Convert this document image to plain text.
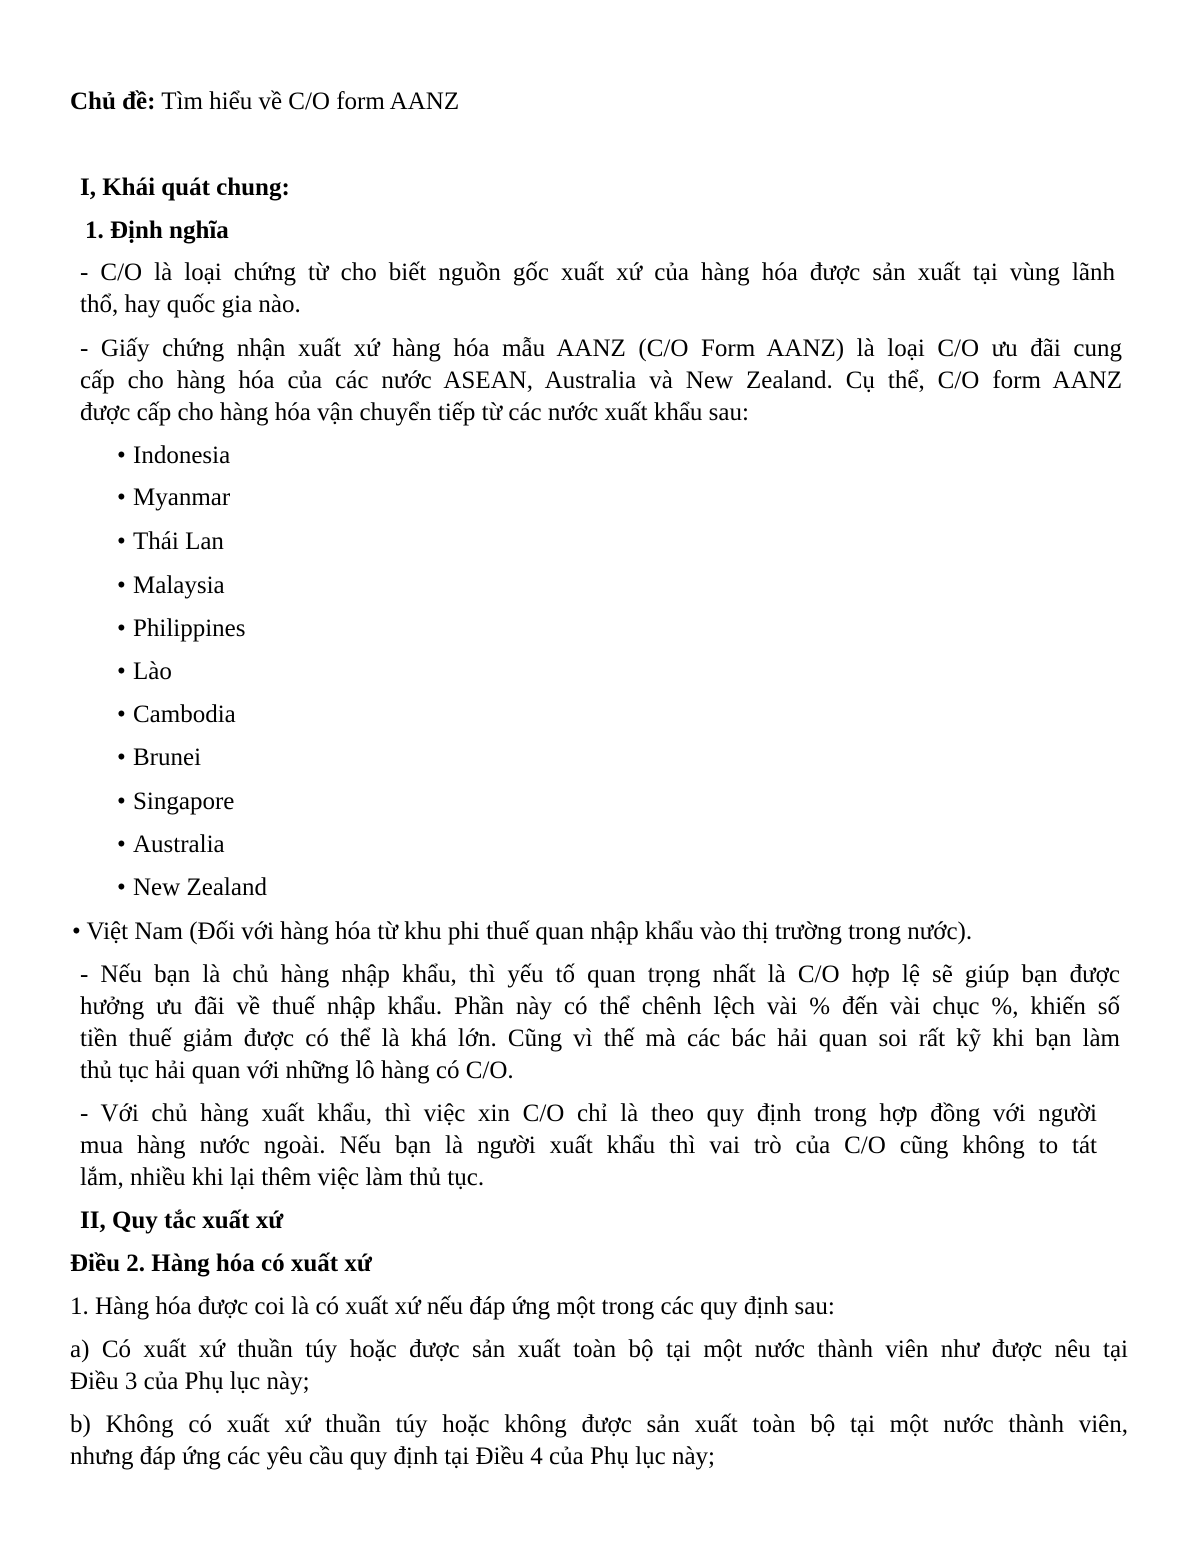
Chủ đề: Tìm hiểu về C/O form AANZ
I, Khái quát chung:
1. Định nghĩa
- C/O là loại chứng từ cho biết nguồn gốc xuất xứ của hàng hóa được sản xuất tại vùng lãnh
thổ, hay quốc gia nào.
- Giấy chứng nhận xuất xứ hàng hóa mẫu AANZ (C/O Form AANZ) là loại C/O ưu đãi cung
cấp cho hàng hóa của các nước ASEAN, Australia và New Zealand. Cụ thể, C/O form AANZ
được cấp cho hàng hóa vận chuyển tiếp từ các nước xuất khẩu sau:
• Indonesia
• Myanmar
• Thái Lan
• Malaysia
• Philippines
• Lào
• Cambodia
• Brunei
• Singapore
• Australia
• New Zealand
• Việt Nam (Đối với hàng hóa từ khu phi thuế quan nhập khẩu vào thị trường trong nước).
- Nếu bạn là chủ hàng nhập khẩu, thì yếu tố quan trọng nhất là C/O hợp lệ sẽ giúp bạn được
hưởng ưu đãi về thuế nhập khẩu. Phần này có thể chênh lệch vài % đến vài chục %, khiến số
tiền thuế giảm được có thể là khá lớn. Cũng vì thế mà các bác hải quan soi rất kỹ khi bạn làm
thủ tục hải quan với những lô hàng có C/O.
- Với chủ hàng xuất khẩu, thì việc xin C/O chỉ là theo quy định trong hợp đồng với người
mua hàng nước ngoài. Nếu bạn là người xuất khẩu thì vai trò của C/O cũng không to tát
lắm, nhiều khi lại thêm việc làm thủ tục.
II, Quy tắc xuất xứ
Điều 2. Hàng hóa có xuất xứ
1. Hàng hóa được coi là có xuất xứ nếu đáp ứng một trong các quy định sau:
a) Có xuất xứ thuần túy hoặc được sản xuất toàn bộ tại một nước thành viên như được nêu tại
Điều 3 của Phụ lục này;
b) Không có xuất xứ thuần túy hoặc không được sản xuất toàn bộ tại một nước thành viên,
nhưng đáp ứng các yêu cầu quy định tại Điều 4 của Phụ lục này;
